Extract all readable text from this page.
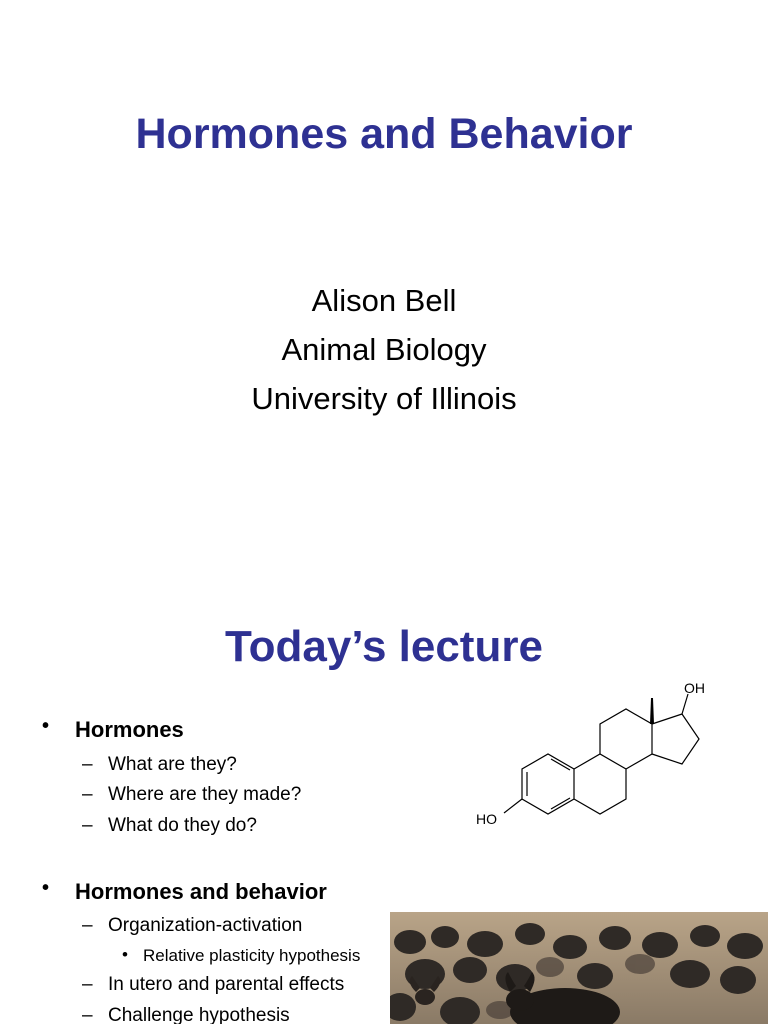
Hormones and Behavior
Alison Bell
Animal Biology
University of Illinois
Today’s lecture
• Hormones
– What are they?
– Where are they made?
– What do they do?
• Hormones and behavior
– Organization-activation
• Relative plasticity hypothesis
– In utero and parental effects
– Challenge hypothesis
OH
HO
